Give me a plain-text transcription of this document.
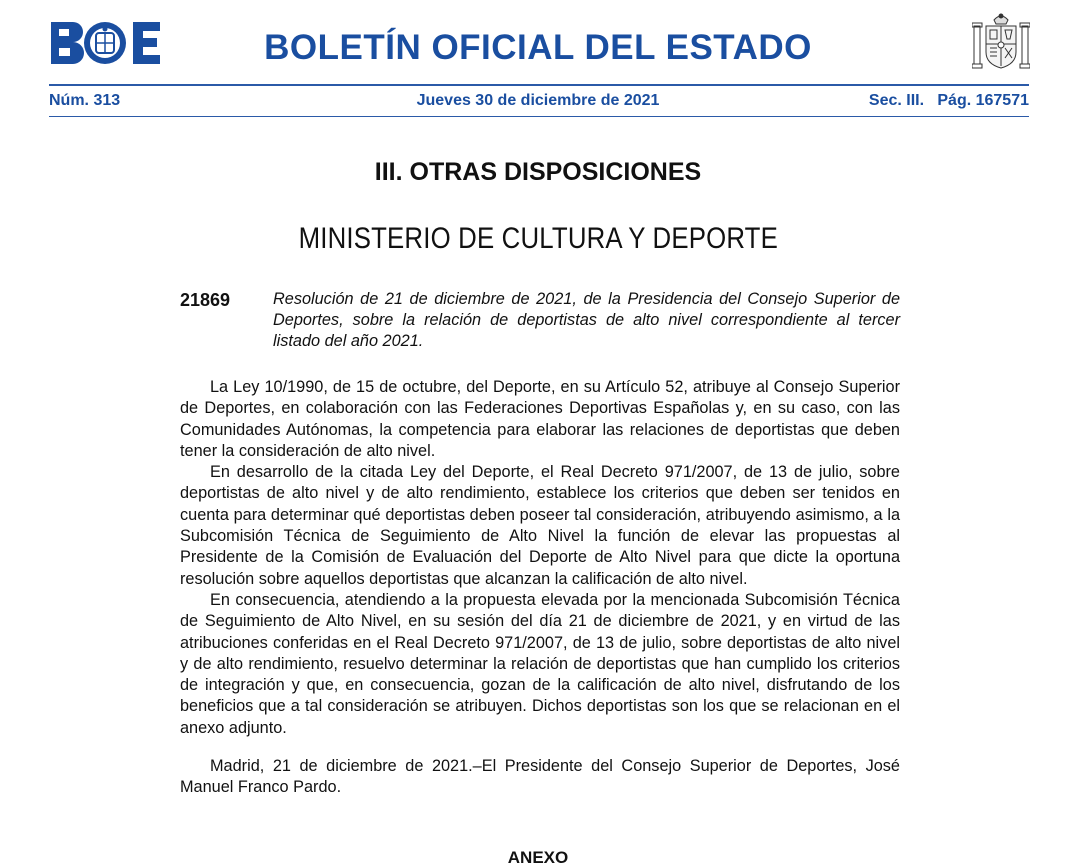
BOLETÍN OFICIAL DEL ESTADO
Núm. 313	Jueves 30 de diciembre de 2021	Sec. III.   Pág. 167571
III. OTRAS DISPOSICIONES
MINISTERIO DE CULTURA Y DEPORTE
21869	Resolución de 21 de diciembre de 2021, de la Presidencia del Consejo Superior de Deportes, sobre la relación de deportistas de alto nivel correspondiente al tercer listado del año 2021.

La Ley 10/1990, de 15 de octubre, del Deporte, en su Artículo 52, atribuye al Consejo Superior de Deportes, en colaboración con las Federaciones Deportivas Españolas y, en su caso, con las Comunidades Autónomas, la competencia para elaborar las relaciones de deportistas que deben tener la consideración de alto nivel.

En desarrollo de la citada Ley del Deporte, el Real Decreto 971/2007, de 13 de julio, sobre deportistas de alto nivel y de alto rendimiento, establece los criterios que deben ser tenidos en cuenta para determinar qué deportistas deben poseer tal consideración, atribuyendo asimismo, a la Subcomisión Técnica de Seguimiento de Alto Nivel la función de elevar las propuestas al Presidente de la Comisión de Evaluación del Deporte de Alto Nivel para que dicte la oportuna resolución sobre aquellos deportistas que alcanzan la calificación de alto nivel.

En consecuencia, atendiendo a la propuesta elevada por la mencionada Subcomisión Técnica de Seguimiento de Alto Nivel, en su sesión del día 21 de diciembre de 2021, y en virtud de las atribuciones conferidas en el Real Decreto 971/2007, de 13 de julio, sobre deportistas de alto nivel y de alto rendimiento, resuelvo determinar la relación de deportistas que han cumplido los criterios de integración y que, en consecuencia, gozan de la calificación de alto nivel, disfrutando de los beneficios que a tal consideración se atribuyen. Dichos deportistas son los que se relacionan en el anexo adjunto.

Madrid, 21 de diciembre de 2021.–El Presidente del Consejo Superior de Deportes, José Manuel Franco Pardo.

ANEXO
